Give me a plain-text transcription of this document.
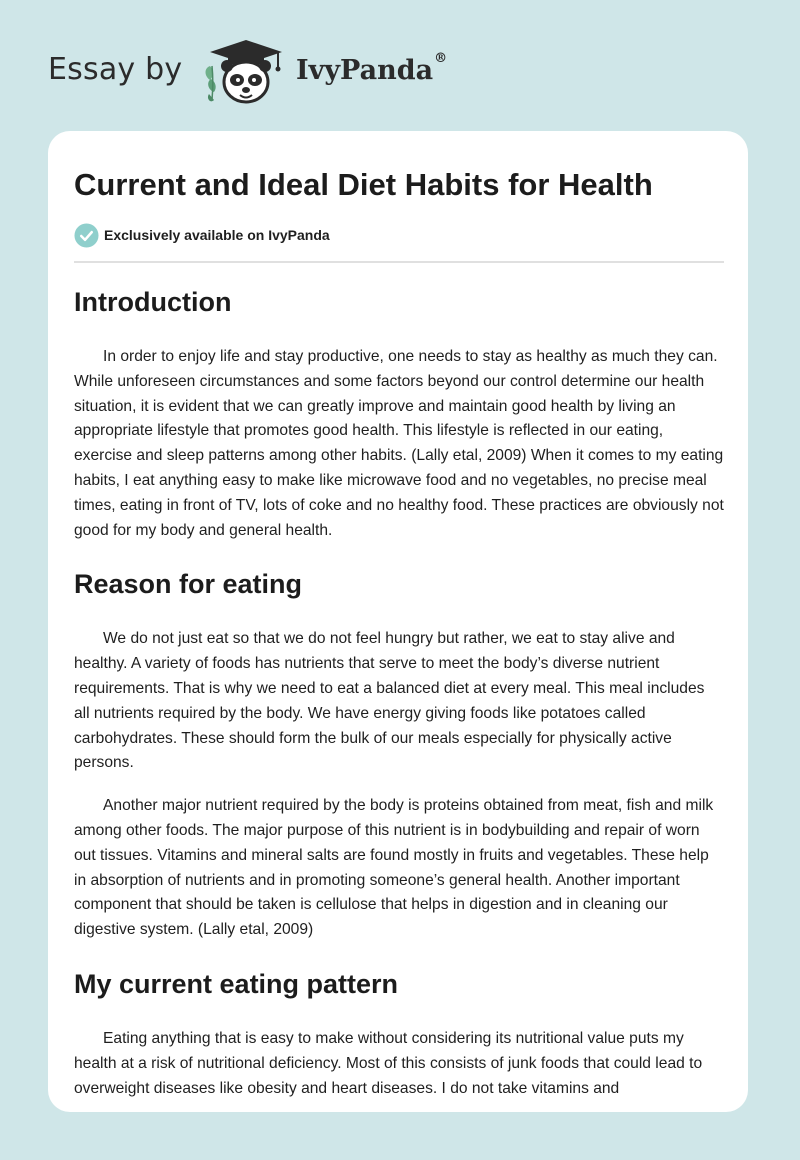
Essay by	IvyPanda®
Current and Ideal Diet Habits for Health
Exclusively available on IvyPanda
Introduction

In order to enjoy life and stay productive, one needs to stay as healthy as much they can. While unforeseen circumstances and some factors beyond our control determine our health situation, it is evident that we can greatly improve and maintain good health by living an appropriate lifestyle that promotes good health. This lifestyle is reflected in our eating, exercise and sleep patterns among other habits. (Lally etal, 2009) When it comes to my eating habits, I eat anything easy to make like microwave food and no vegetables, no precise meal times, eating in front of TV, lots of coke and no healthy food. These practices are obviously not good for my body and general health.

Reason for eating

We do not just eat so that we do not feel hungry but rather, we eat to stay alive and healthy. A variety of foods has nutrients that serve to meet the body’s diverse nutrient requirements. That is why we need to eat a balanced diet at every meal. This meal includes all nutrients required by the body. We have energy giving foods like potatoes called carbohydrates. These should form the bulk of our meals especially for physically active persons.

Another major nutrient required by the body is proteins obtained from meat, fish and milk among other foods. The major purpose of this nutrient is in bodybuilding and repair of worn out tissues. Vitamins and mineral salts are found mostly in fruits and vegetables. These help in absorption of nutrients and in promoting someone’s general health. Another important component that should be taken is cellulose that helps in digestion and in cleaning our digestive system. (Lally etal, 2009)

My current eating pattern

Eating anything that is easy to make without considering its nutritional value puts my health at a risk of nutritional deficiency. Most of this consists of junk foods that could lead to overweight diseases like obesity and heart diseases. I do not take vitamins and
